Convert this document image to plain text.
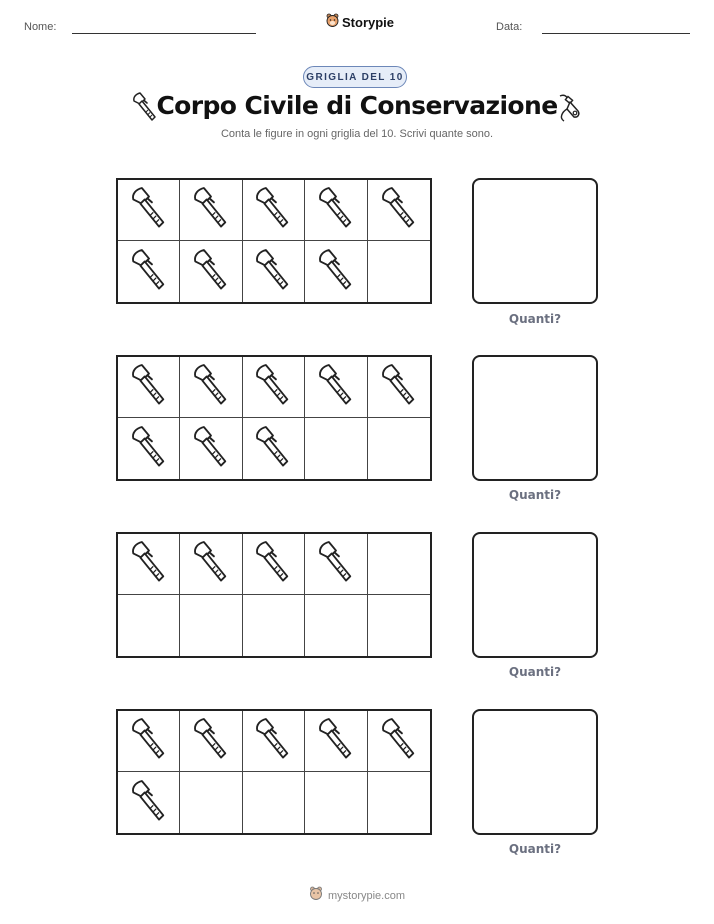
Nome:	Storypie	Data:
GRIGLIA DEL 10
Corpo Civile di Conservazione
Conta le figure in ogni griglia del 10. Scrivi quante sono.
Quanti?
Quanti?
Quanti?
Quanti?
mystorypie.com
